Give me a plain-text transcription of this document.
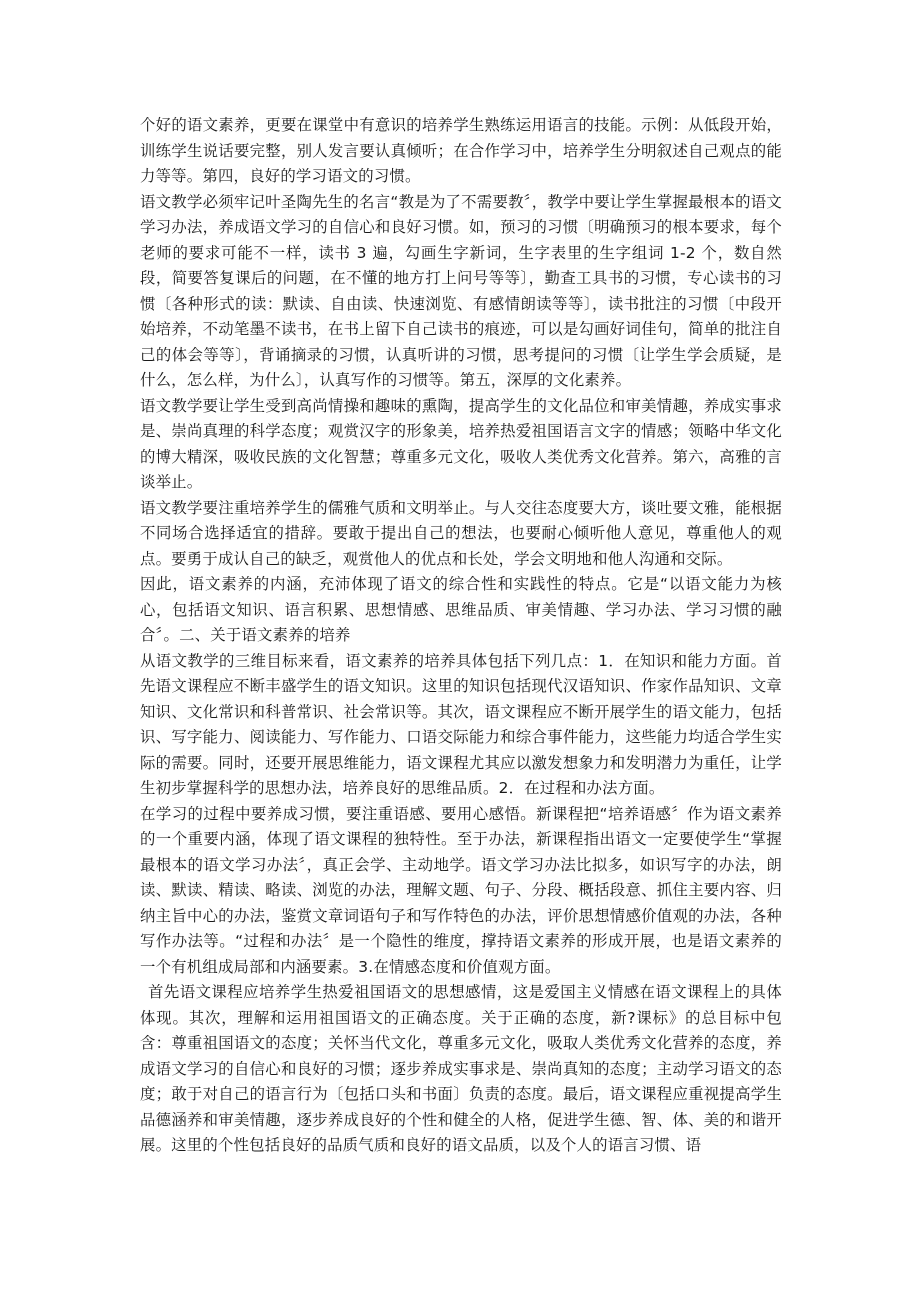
个好的语文素养，更要在课堂中有意识的培养学生熟练运用语言的技能。示例：从低段开始，训练学生说话要完整，别人发言要认真倾听；在合作学习中，培养学生分明叙述自己观点的能力等等。第四，良好的学习语文的习惯。

语文教学必须牢记叶圣陶先生的名言“教是为了不需要教〞，教学中要让学生掌握最根本的语文学习办法，养成语文学习的自信心和良好习惯。如，预习的习惯〔明确预习的根本要求，每个老师的要求可能不一样，读书 3 遍，勾画生字新词，生字表里的生字组词 1-2 个，数自然段，简要答复课后的问题，在不懂的地方打上问号等等〕，勤查工具书的习惯，专心读书的习惯〔各种形式的读：默读、自由读、快速浏览、有感情朗读等等〕，读书批注的习惯〔中段开始培养，不动笔墨不读书，在书上留下自己读书的痕迹，可以是勾画好词佳句，简单的批注自己的体会等等〕，背诵摘录的习惯，认真听讲的习惯，思考提问的习惯〔让学生学会质疑，是什么，怎么样，为什么〕，认真写作的习惯等。第五，深厚的文化素养。

语文教学要让学生受到高尚情操和趣味的熏陶，提高学生的文化品位和审美情趣，养成实事求是、崇尚真理的科学态度；观赏汉字的形象美，培养热爱祖国语言文字的情感；领略中华文化的博大精深，吸收民族的文化智慧；尊重多元文化，吸收人类优秀文化营养。第六，高雅的言谈举止。

语文教学要注重培养学生的儒雅气质和文明举止。与人交往态度要大方，谈吐要文雅，能根据不同场合选择适宜的措辞。要敢于提出自己的想法，也要耐心倾听他人意见，尊重他人的观点。要勇于成认自己的缺乏，观赏他人的优点和长处，学会文明地和他人沟通和交际。

因此，语文素养的内涵，充沛体现了语文的综合性和实践性的特点。它是“以语文能力为核心，包括语文知识、语言积累、思想情感、思维品质、审美情趣、学习办法、学习习惯的融合〞。二、关于语文素养的培养

从语文教学的三维目标来看，语文素养的培养具体包括下列几点：1．在知识和能力方面。首先语文课程应不断丰盛学生的语文知识。这里的知识包括现代汉语知识、作家作品知识、文章知识、文化常识和科普常识、社会常识等。其次，语文课程应不断开展学生的语文能力，包括识、写字能力、阅读能力、写作能力、口语交际能力和综合事件能力，这些能力均适合学生实际的需要。同时，还要开展思维能力，语文课程尤其应以激发想象力和发明潜力为重任，让学生初步掌握科学的思想办法，培养良好的思维品质。2．在过程和办法方面。

在学习的过程中要养成习惯，要注重语感、要用心感悟。新课程把“培养语感〞作为语文素养的一个重要内涵，体现了语文课程的独特性。至于办法，新课程指出语文一定要使学生“掌握最根本的语文学习办法〞，真正会学、主动地学。语文学习办法比拟多，如识写字的办法，朗读、默读、精读、略读、浏览的办法，理解文题、句子、分段、概括段意、抓住主要内容、归纳主旨中心的办法，鉴赏文章词语句子和写作特色的办法，评价思想情感价值观的办法，各种写作办法等。“过程和办法〞是一个隐性的维度，撑持语文素养的形成开展，也是语文素养的一个有机组成局部和内涵要素。3.在情感态度和价值观方面。

首先语文课程应培养学生热爱祖国语文的思想感情，这是爱国主义情感在语文课程上的具体体现。其次，理解和运用祖国语文的正确态度。关于正确的态度，新?课标》的总目标中包含：尊重祖国语文的态度；关怀当代文化，尊重多元文化，吸取人类优秀文化营养的态度，养成语文学习的自信心和良好的习惯；逐步养成实事求是、崇尚真知的态度；主动学习语文的态度；敢于对自己的语言行为〔包括口头和书面〕负责的态度。最后，语文课程应重视提高学生品德涵养和审美情趣，逐步养成良好的个性和健全的人格，促进学生德、智、体、美的和谐开展。这里的个性包括良好的品质气质和良好的语文品质，以及个人的语言习惯、语
